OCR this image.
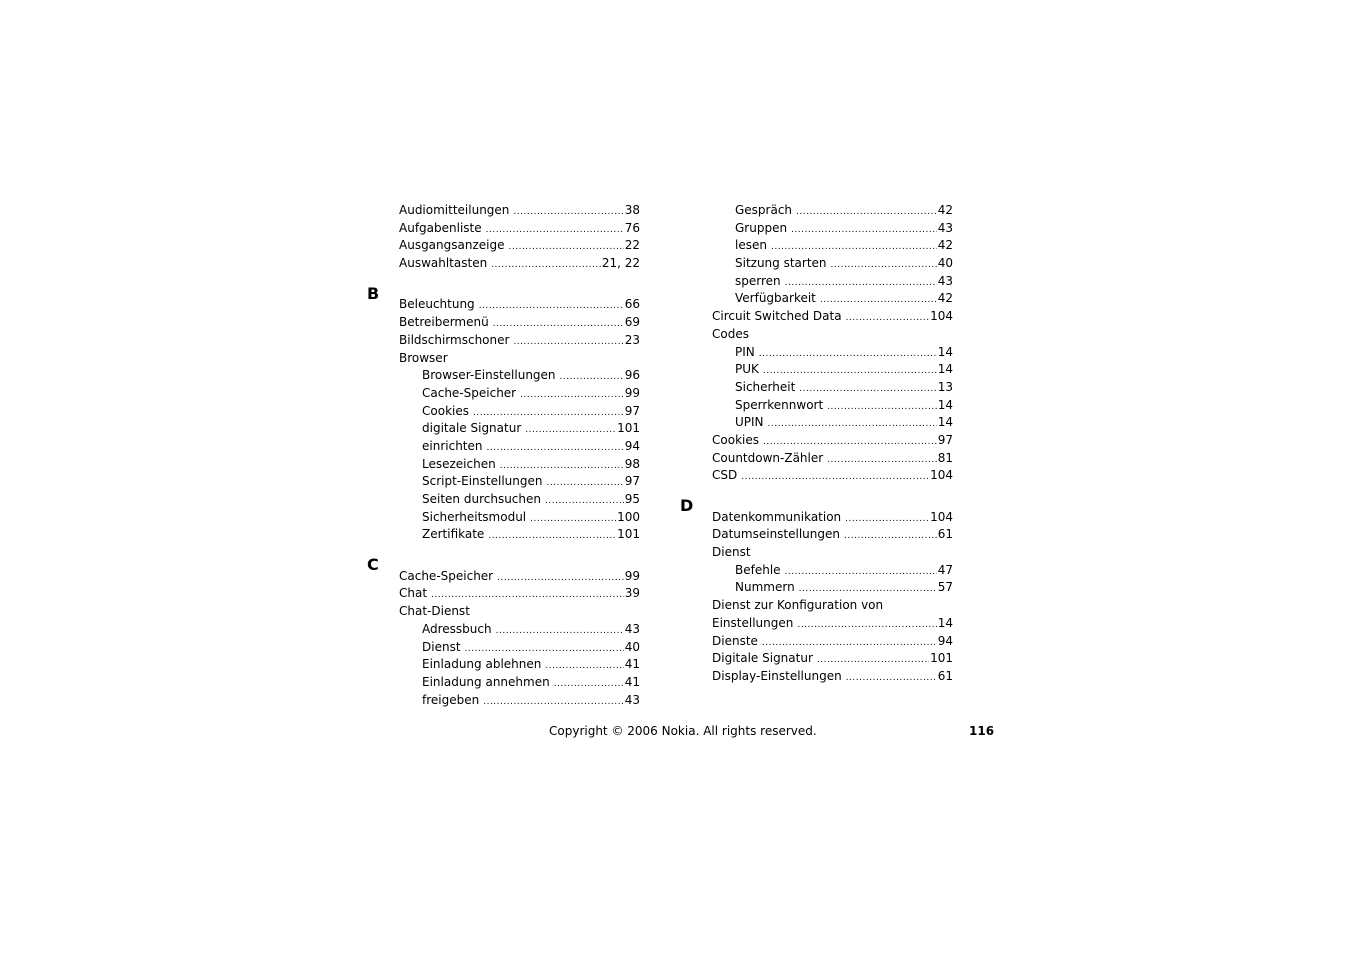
Audiomitteilungen .....	38
Aufgabenliste .....	76
Ausgangsanzeige .....	22
Auswahltasten .....	21, 22
B
Beleuchtung .....	66
Betreibermenü .....	69
Bildschirmschoner .....	23
Browser
Browser-Einstellungen .....	96
Cache-Speicher .....	99
Cookies .....	97
digitale Signatur .....	101
einrichten .....	94
Lesezeichen .....	98
Script-Einstellungen .....	97
Seiten durchsuchen .....	95
Sicherheitsmodul .....	100
Zertifikate .....	101
C
Cache-Speicher .....	99
Chat .....	39
Chat-Dienst
Adressbuch .....	43
Dienst .....	40
Einladung ablehnen .....	41
Einladung annehmen .....	41
freigeben .....	43
Gespräch .....	42
Gruppen .....	43
lesen .....	42
Sitzung starten .....	40
sperren .....	43
Verfügbarkeit .....	42
Circuit Switched Data .....	104
Codes
PIN .....	14
PUK .....	14
Sicherheit .....	13
Sperrkennwort .....	14
UPIN .....	14
Cookies .....	97
Countdown-Zähler .....	81
CSD .....	104
D
Datenkommunikation .....	104
Datumseinstellungen .....	61
Dienst
Befehle .....	47
Nummern .....	57
Dienst zur Konfiguration von
Einstellungen .....	14
Dienste .....	94
Digitale Signatur .....	101
Display-Einstellungen .....	61
Copyright © 2006 Nokia. All rights reserved.	116
